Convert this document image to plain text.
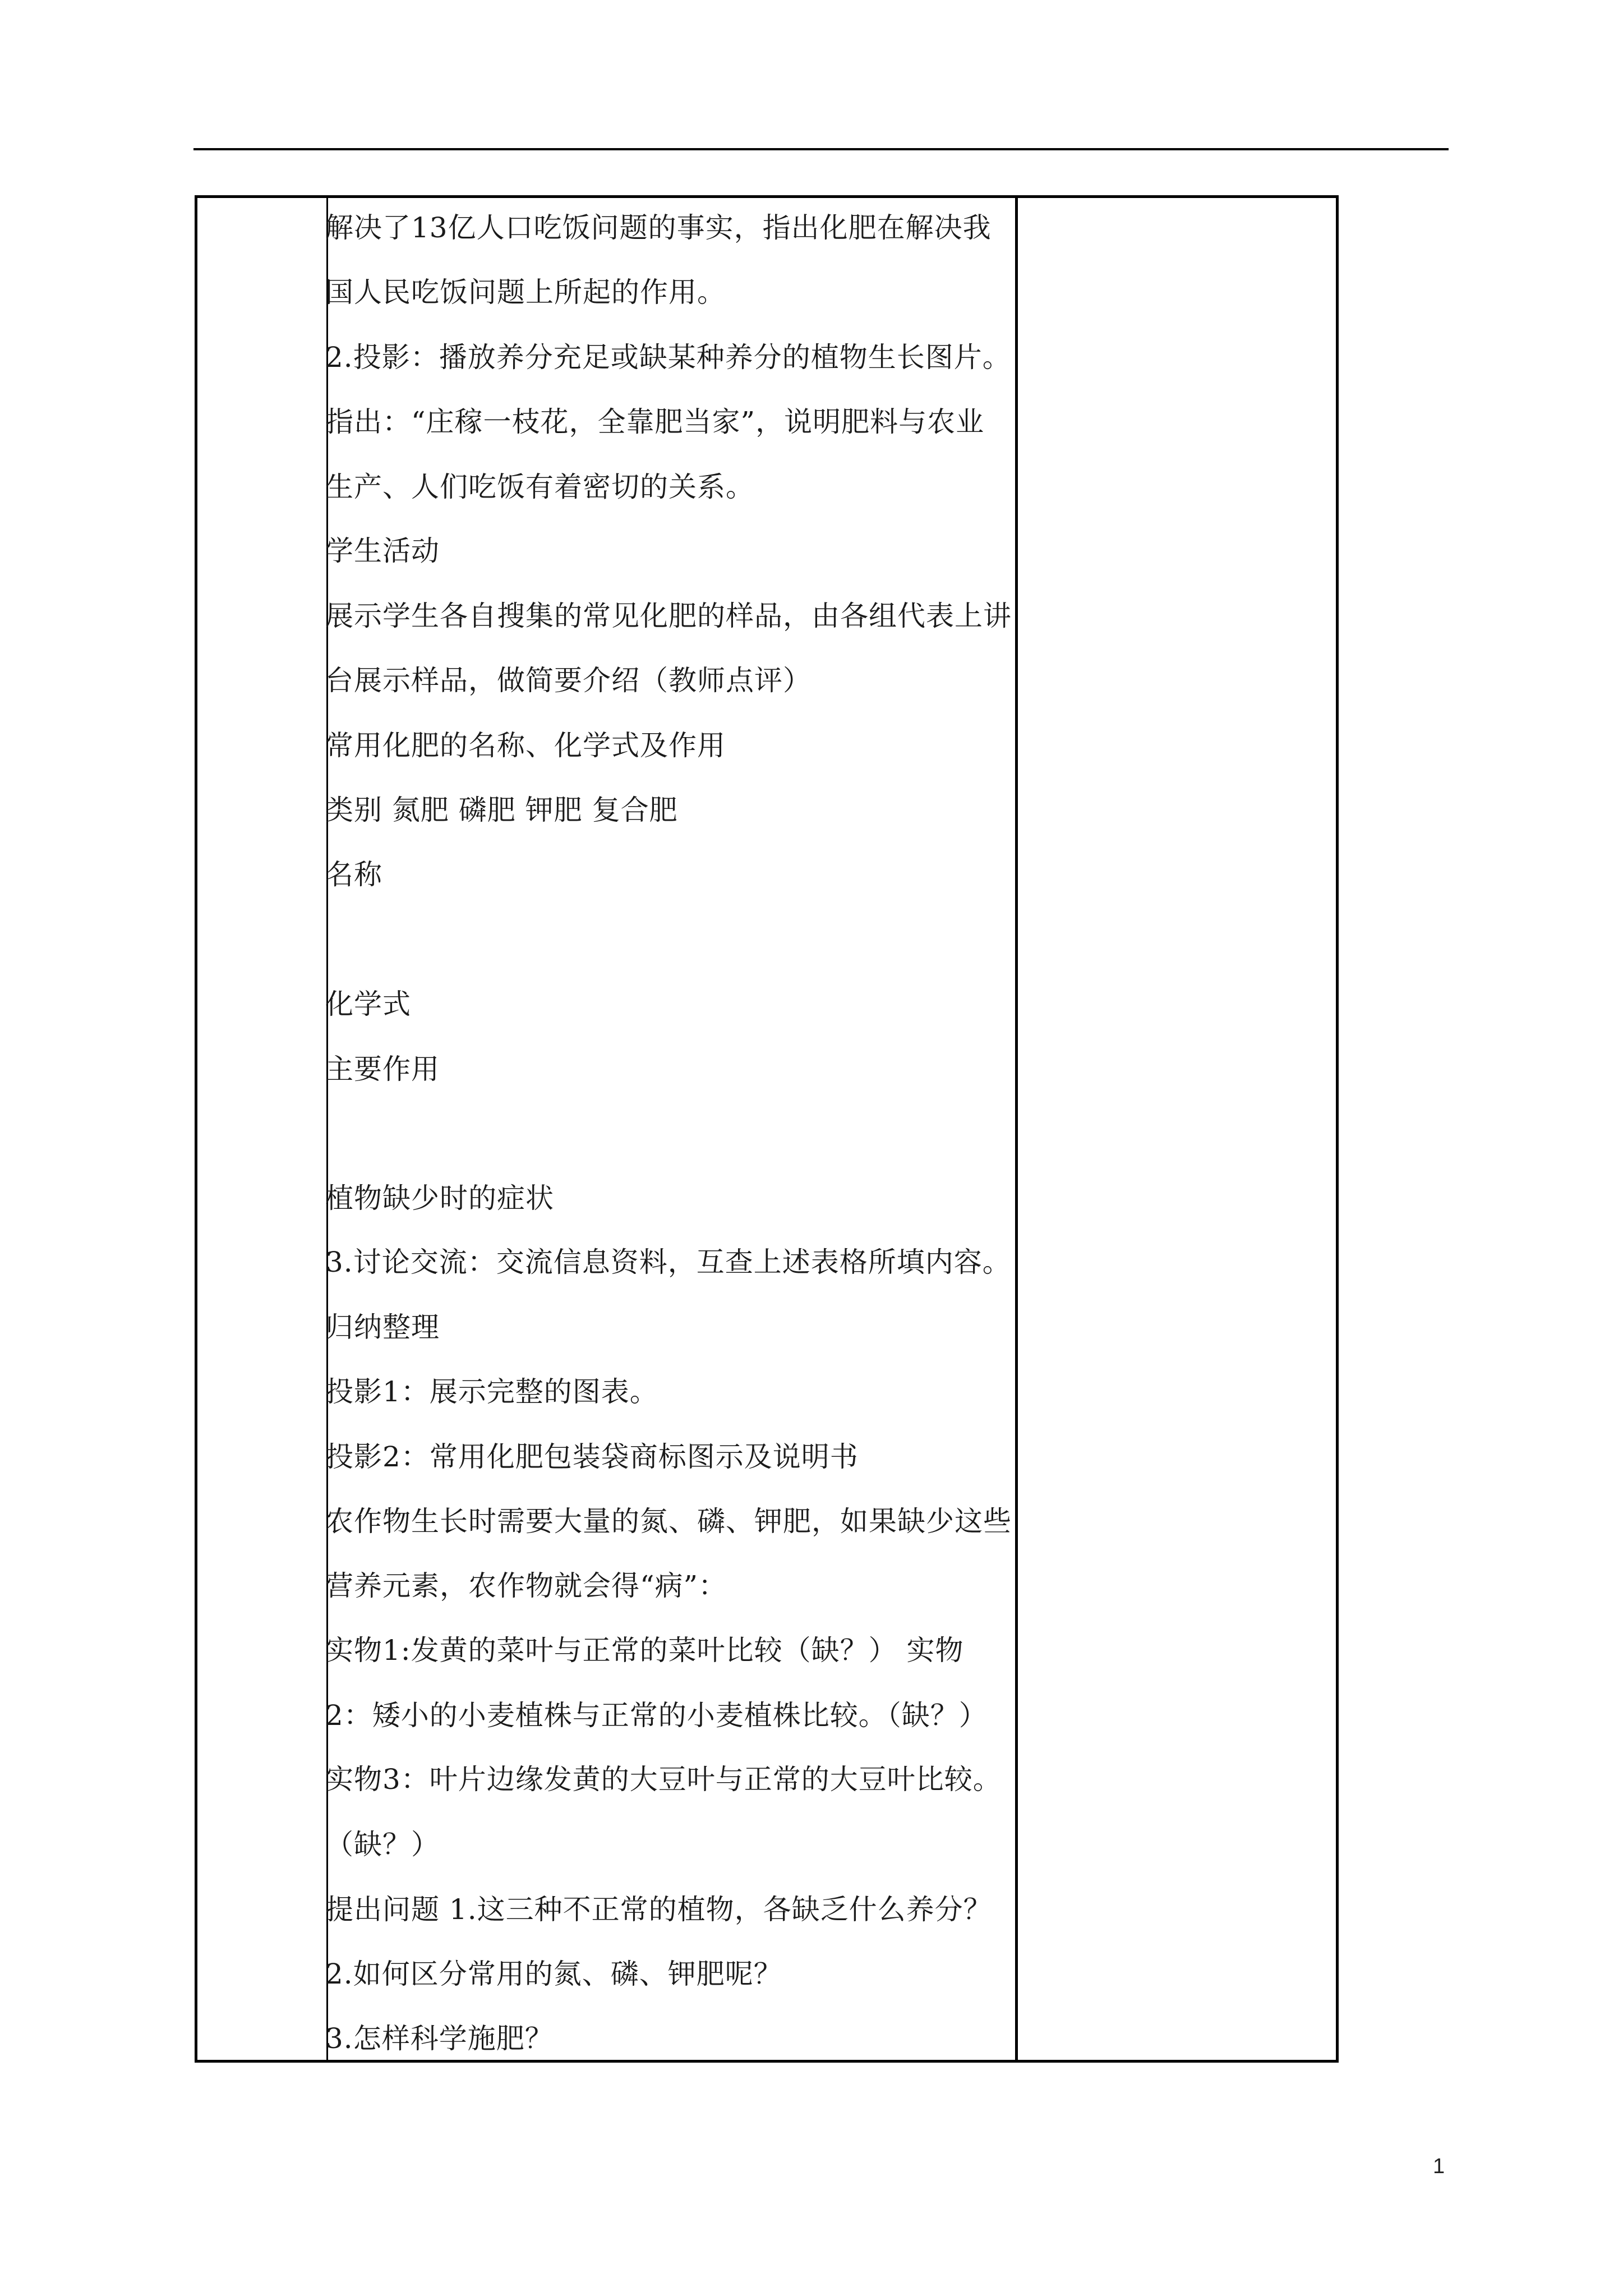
解决了13亿人口吃饭问题的事实，指出化肥在解决我
国人民吃饭问题上所起的作用。
2.投影：播放养分充足或缺某种养分的植物生长图片。
指出：“庄稼一枝花，全靠肥当家”，说明肥料与农业
生产、人们吃饭有着密切的关系。
学生活动
展示学生各自搜集的常见化肥的样品，由各组代表上讲
台展示样品，做简要介绍（教师点评）
常用化肥的名称、化学式及作用
类别 氮肥 磷肥 钾肥 复合肥
名称
化学式
主要作用
植物缺少时的症状
3.讨论交流：交流信息资料，互查上述表格所填内容。
归纳整理
投影1：展示完整的图表。
投影2：常用化肥包装袋商标图示及说明书
农作物生长时需要大量的氮、磷、钾肥，如果缺少这些
营养元素，农作物就会得“病”：
实物1:发黄的菜叶与正常的菜叶比较（缺？） 实物
2：矮小的小麦植株与正常的小麦植株比较。（缺？）
实物3：叶片边缘发黄的大豆叶与正常的大豆叶比较。
（缺？）
提出问题 1.这三种不正常的植物，各缺乏什么养分？
2.如何区分常用的氮、磷、钾肥呢？
3.怎样科学施肥？
1
